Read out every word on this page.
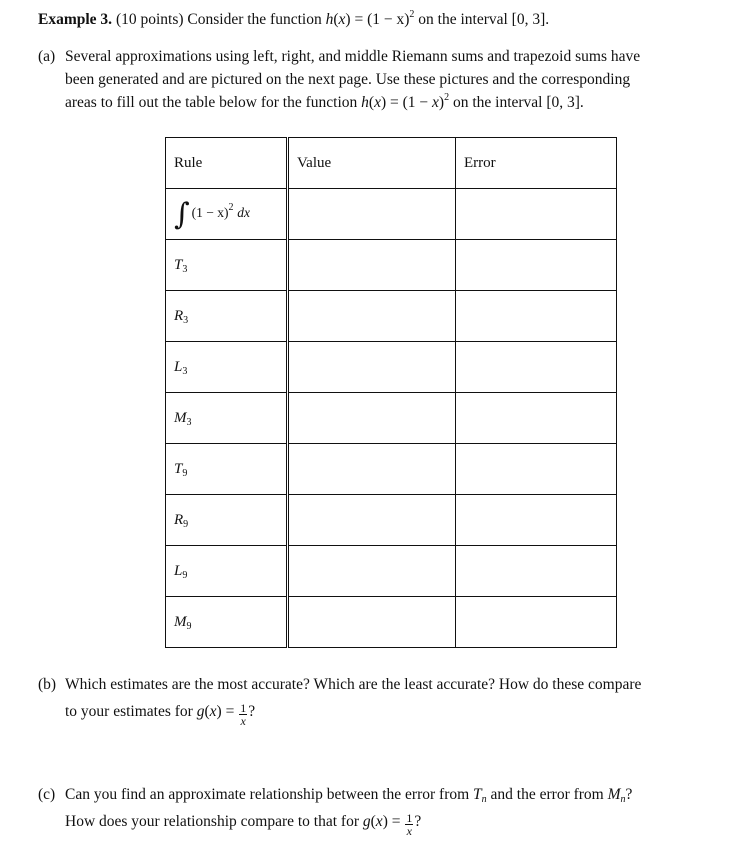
Example 3. (10 points) Consider the function $h(x) = (1 - x)^2$ on the interval [0, 3].
(a) Several approximations using left, right, and middle Riemann sums and trapezoid sums have
been generated and are pictured on the next page. Use these pictures and the corresponding
areas to fill out the table below for the function $h(x) = (1 - x)^2$ on the interval [0, 3].
Rule	Value	Error
∫ $(1 - x)^2$ dx		
$T_3$		
$R_3$		
$L_3$		
$M_3$		
$T_9$		
$R_9$		
$L_9$		
$M_9$		
(b) Which estimates are the most accurate? Which are the least accurate? How do these compare
to your estimates for $g(x) = \frac{1}{x}$ ?
(c) Can you find an approximate relationship between the error from $T_n$ and the error from $M_n$?
How does your relationship compare to that for $g(x) = \frac{1}{x}$ ?
